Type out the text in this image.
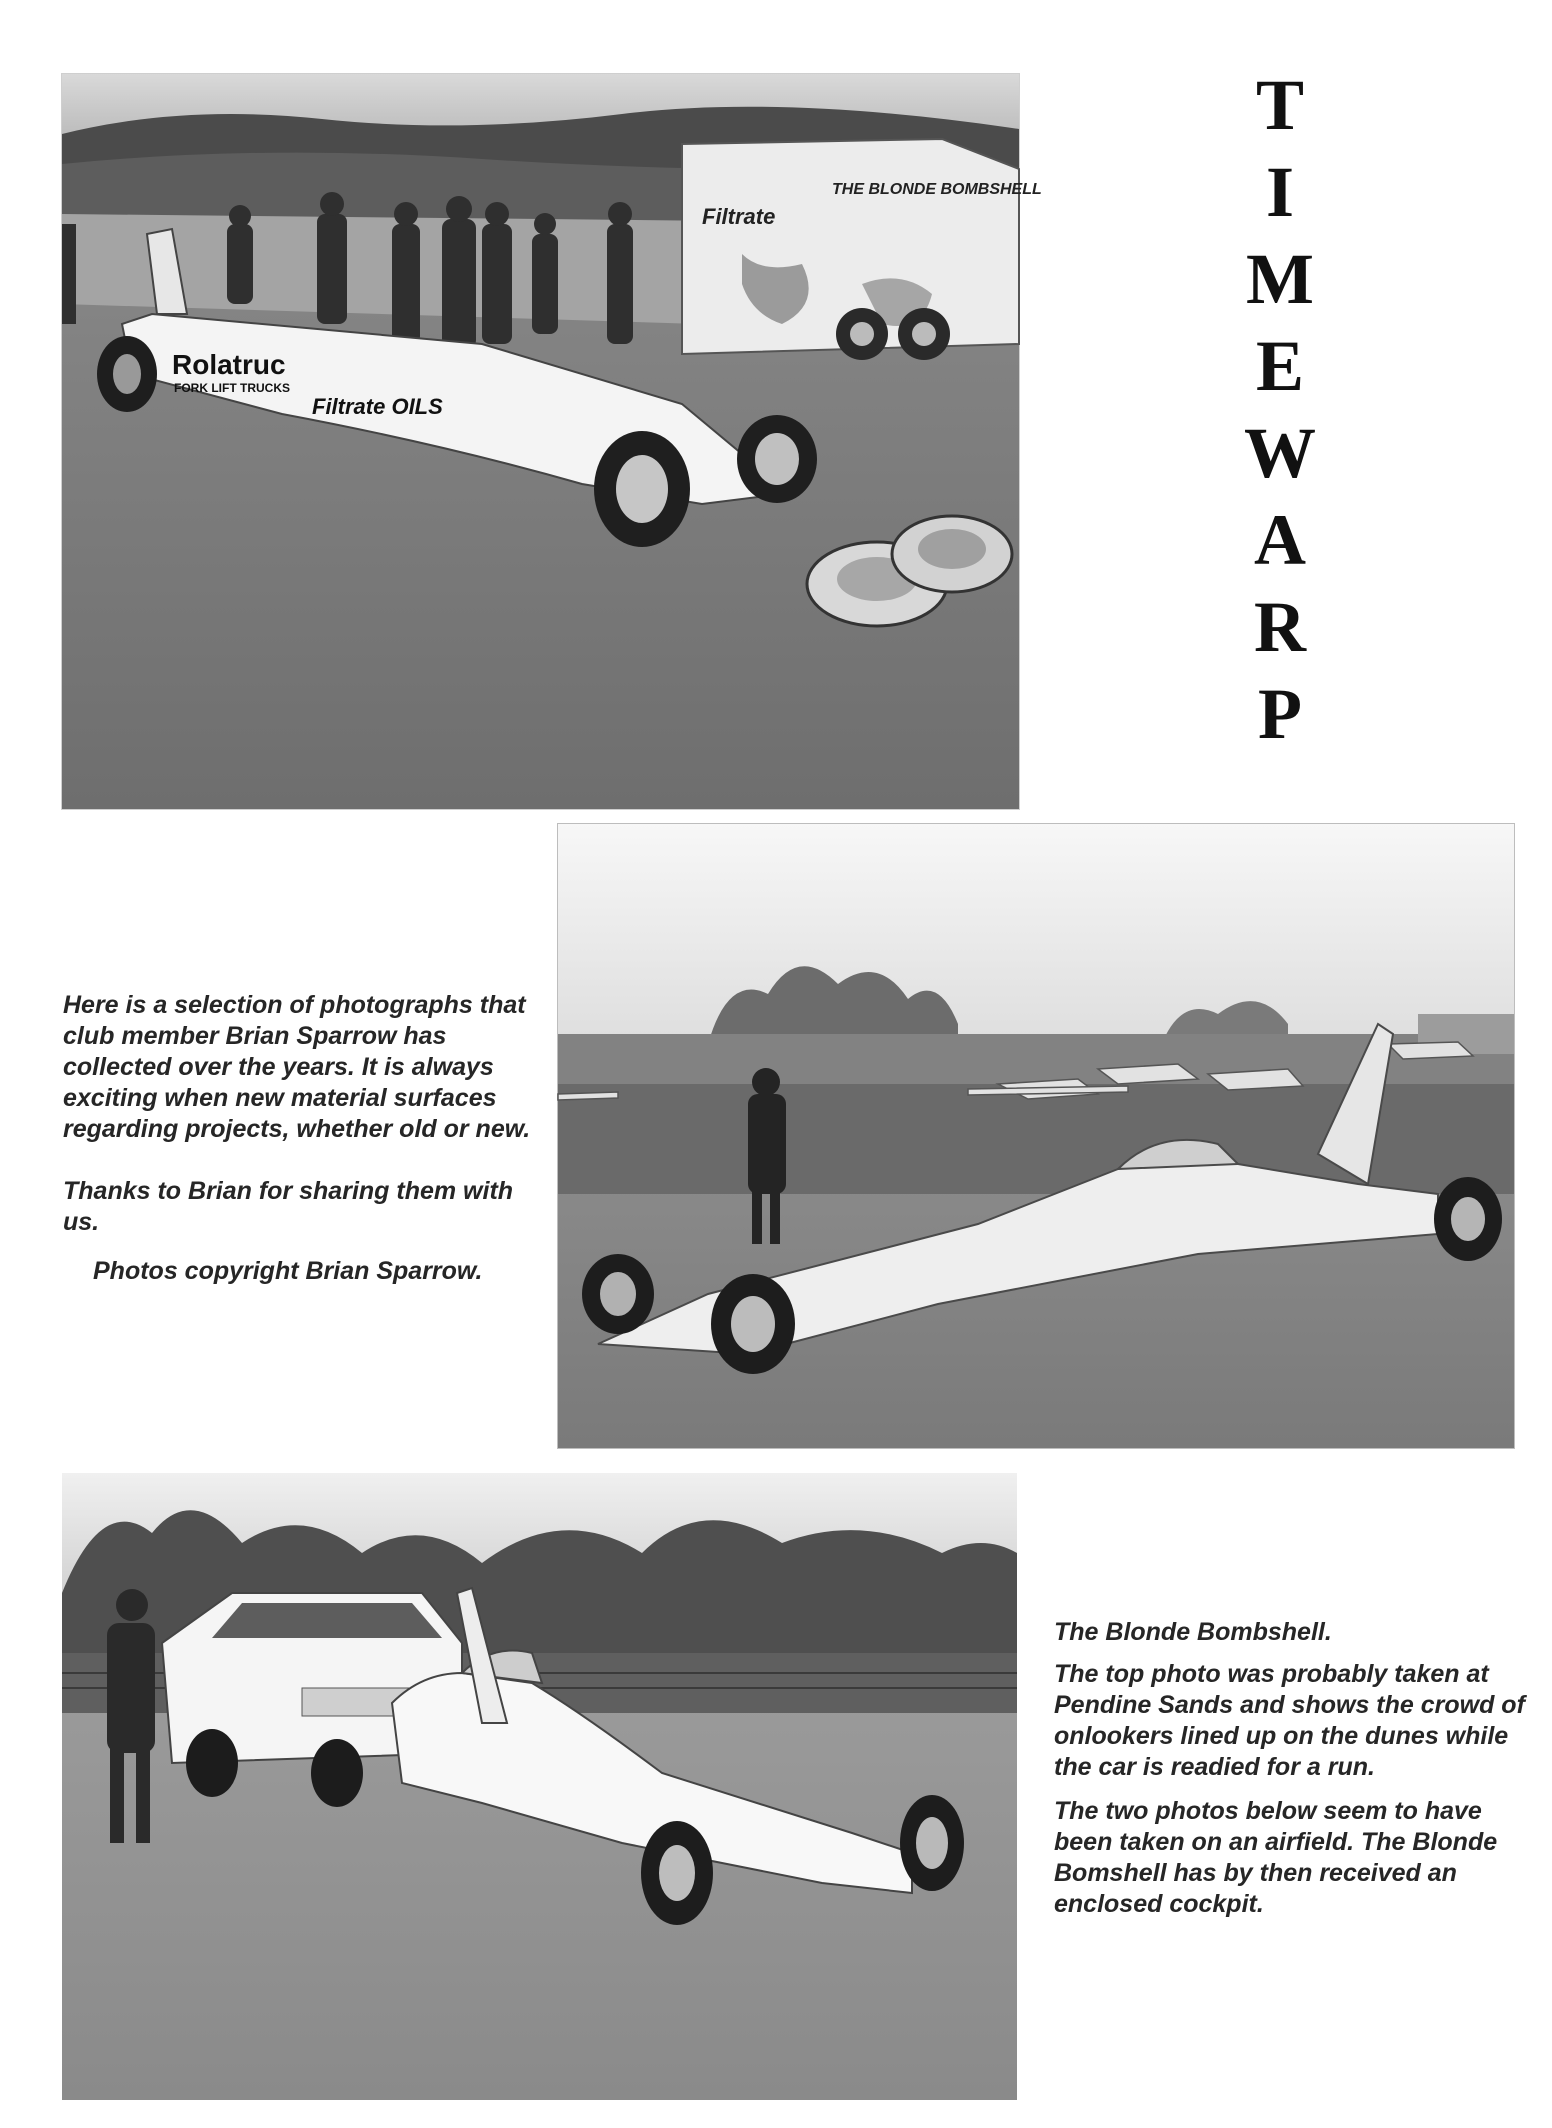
THE BLONDE BOMBSHELL
Filtrate
Rolatruc
FORK LIFT TRUCKS
Filtrate OILS
T
I
M
E
W
A
R
P

Here is a selection of photographs that club member Brian Sparrow has collected over the years. It is always exciting when new material surfaces regarding projects, whether old or new.

Thanks to Brian for sharing them with us.

Photos copyright Brian Sparrow.

The Blonde Bombshell.

The top photo was probably taken at Pendine Sands and shows the crowd of onlookers lined up on the dunes while the car is readied for a run.

The two photos below seem to have been taken on an airfield. The Blonde Bomshell has by then received an enclosed cockpit.
